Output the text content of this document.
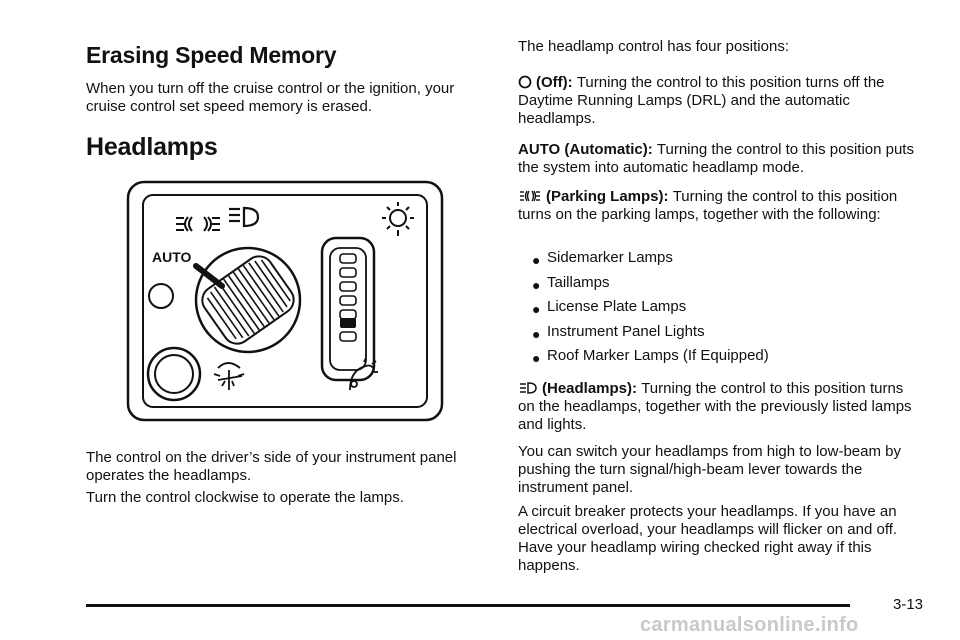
Erasing Speed Memory

When you turn off the cruise control or the ignition, your cruise control set speed memory is erased.

Headlamps
AUTO

The control on the driver’s side of your instrument panel operates the headlamps.

Turn the control clockwise to operate the lamps.

The headlamp control has four positions:

(Off): Turning the control to this position turns off the Daytime Running Lamps (DRL) and the automatic headlamps.

AUTO (Automatic): Turning the control to this position puts the system into automatic headlamp mode.

(Parking Lamps): Turning the control to this position turns on the parking lamps, together with the following:

● Sidemarker Lamps
● Taillamps
● License Plate Lamps
● Instrument Panel Lights
● Roof Marker Lamps (If Equipped)

(Headlamps): Turning the control to this position turns on the headlamps, together with the previously listed lamps and lights.

You can switch your headlamps from high to low-beam by pushing the turn signal/high-beam lever towards the instrument panel.

A circuit breaker protects your headlamps. If you have an electrical overload, your headlamps will flicker on and off. Have your headlamp wiring checked right away if this happens.

3-13
carmanualsonline.info
